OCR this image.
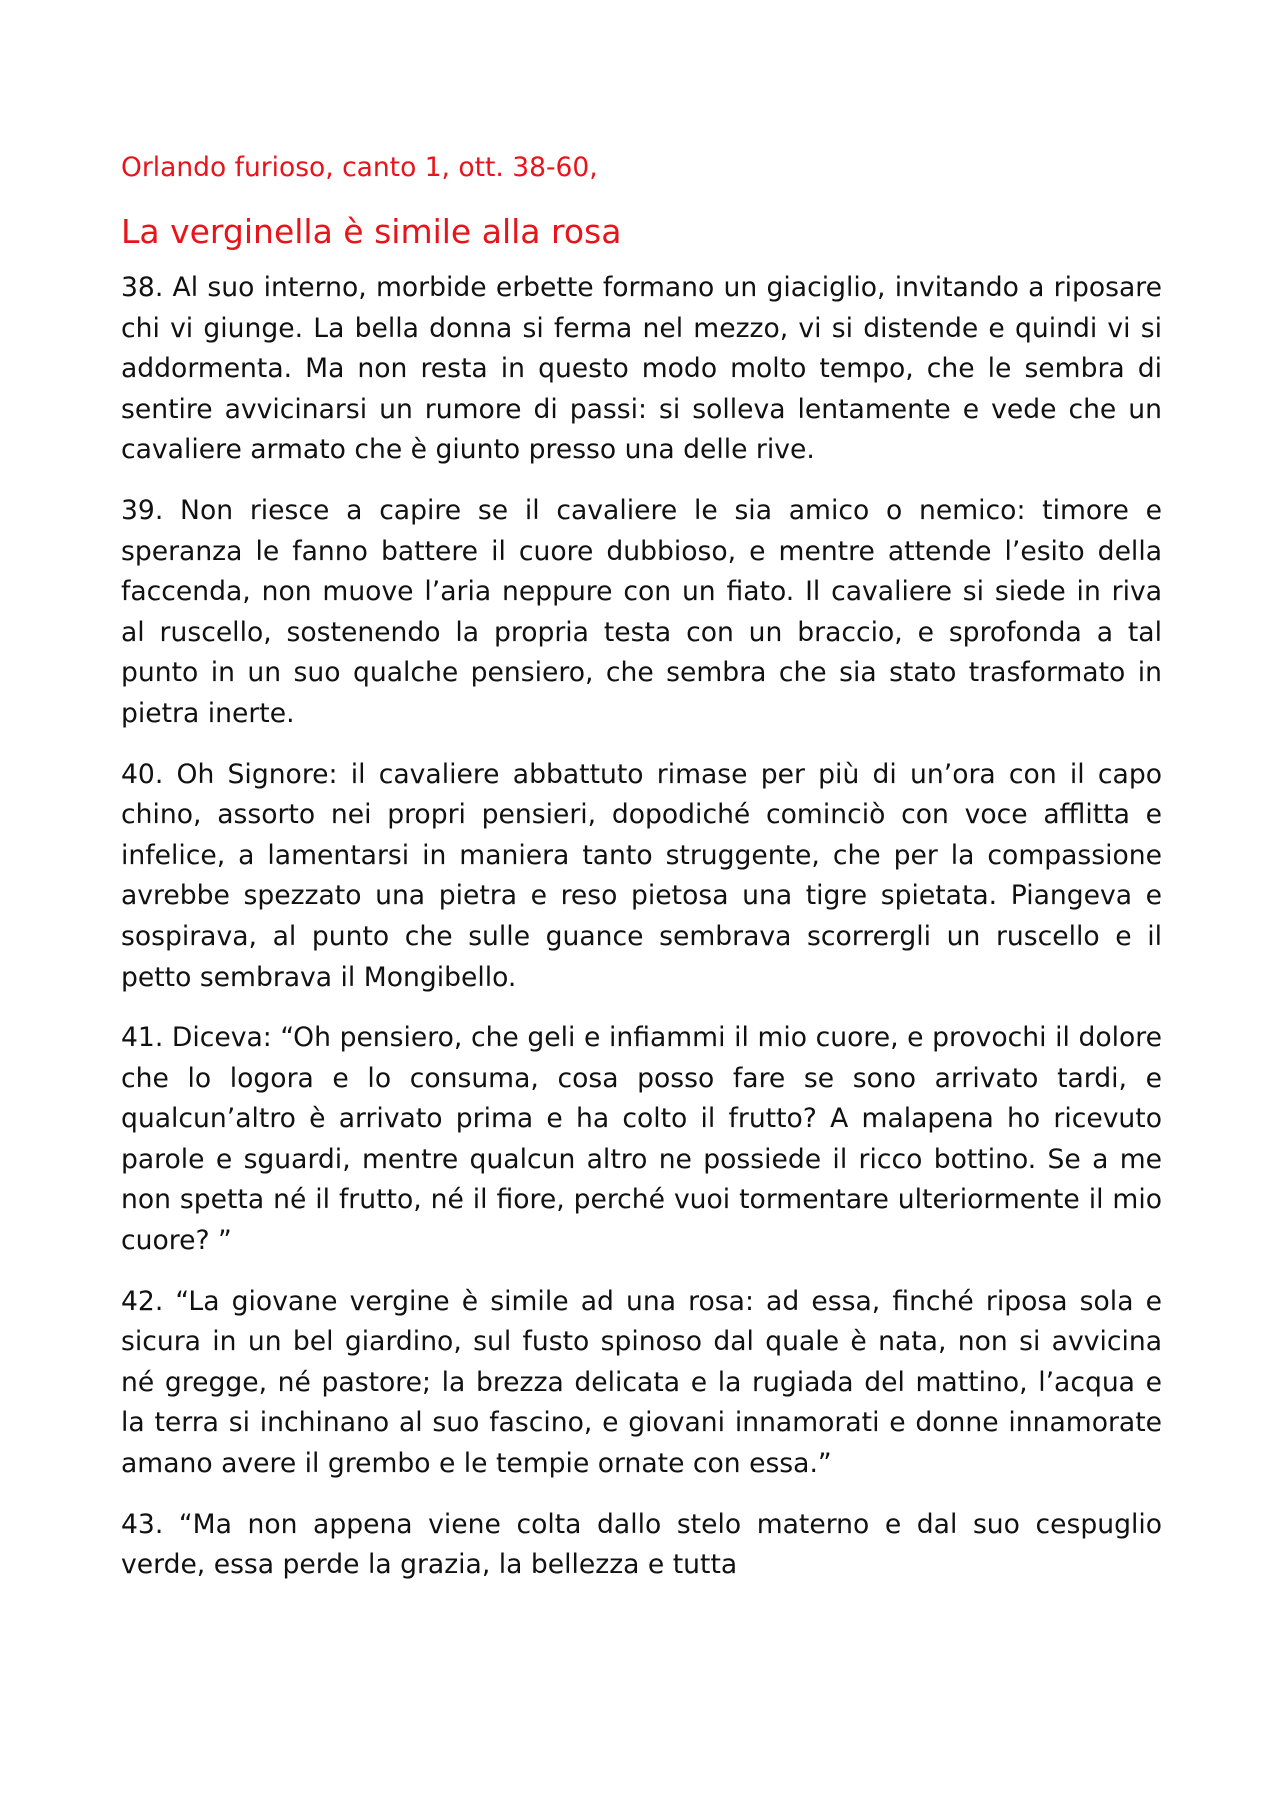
Orlando furioso, canto 1, ott. 38-60,
La verginella è simile alla rosa

38. Al suo interno, morbide erbette formano un giaciglio, invitando a riposare chi vi giunge. La bella donna si ferma nel mezzo, vi si distende e quindi vi si addormenta. Ma non resta in questo modo molto tempo, che le sembra di sentire avvicinarsi un rumore di passi: si solleva lentamente e vede che un cavaliere armato che è giunto presso una delle rive.

39. Non riesce a capire se il cavaliere le sia amico o nemico: timore e speranza le fanno battere il cuore dubbioso, e mentre attende l’esito della faccenda, non muove l’aria neppure con un fiato. Il cavaliere si siede in riva al ruscello, sostenendo la propria testa con un braccio, e sprofonda a tal punto in un suo qualche pensiero, che sembra che sia stato trasformato in pietra inerte.

40. Oh Signore: il cavaliere abbattuto rimase per più di un’ora con il capo chino, assorto nei propri pensieri, dopodiché cominciò con voce afflitta e infelice, a lamentarsi in maniera tanto struggente, che per la compassione avrebbe spezzato una pietra e reso pietosa una tigre spietata. Piangeva e sospirava, al punto che sulle guance sembrava scorrergli un ruscello e il petto sembrava il Mongibello.

41. Diceva: “Oh pensiero, che geli e infiammi il mio cuore, e provochi il dolore che lo logora e lo consuma, cosa posso fare se sono arrivato tardi, e qualcun’altro è arrivato prima e ha colto il frutto? A malapena ho ricevuto parole e sguardi, mentre qualcun altro ne possiede il ricco bottino. Se a me non spetta né il frutto, né il fiore, perché vuoi tormentare ulteriormente il mio cuore? ”

42. “La giovane vergine è simile ad una rosa: ad essa, finché riposa sola e sicura in un bel giardino, sul fusto spinoso dal quale è nata, non si avvicina né gregge, né pastore; la brezza delicata e la rugiada del mattino, l’acqua e la terra si inchinano al suo fascino, e giovani innamorati e donne innamorate amano avere il grembo e le tempie ornate con essa.”

43. “Ma non appena viene colta dallo stelo materno e dal suo cespuglio verde, essa perde la grazia, la bellezza e tutta
